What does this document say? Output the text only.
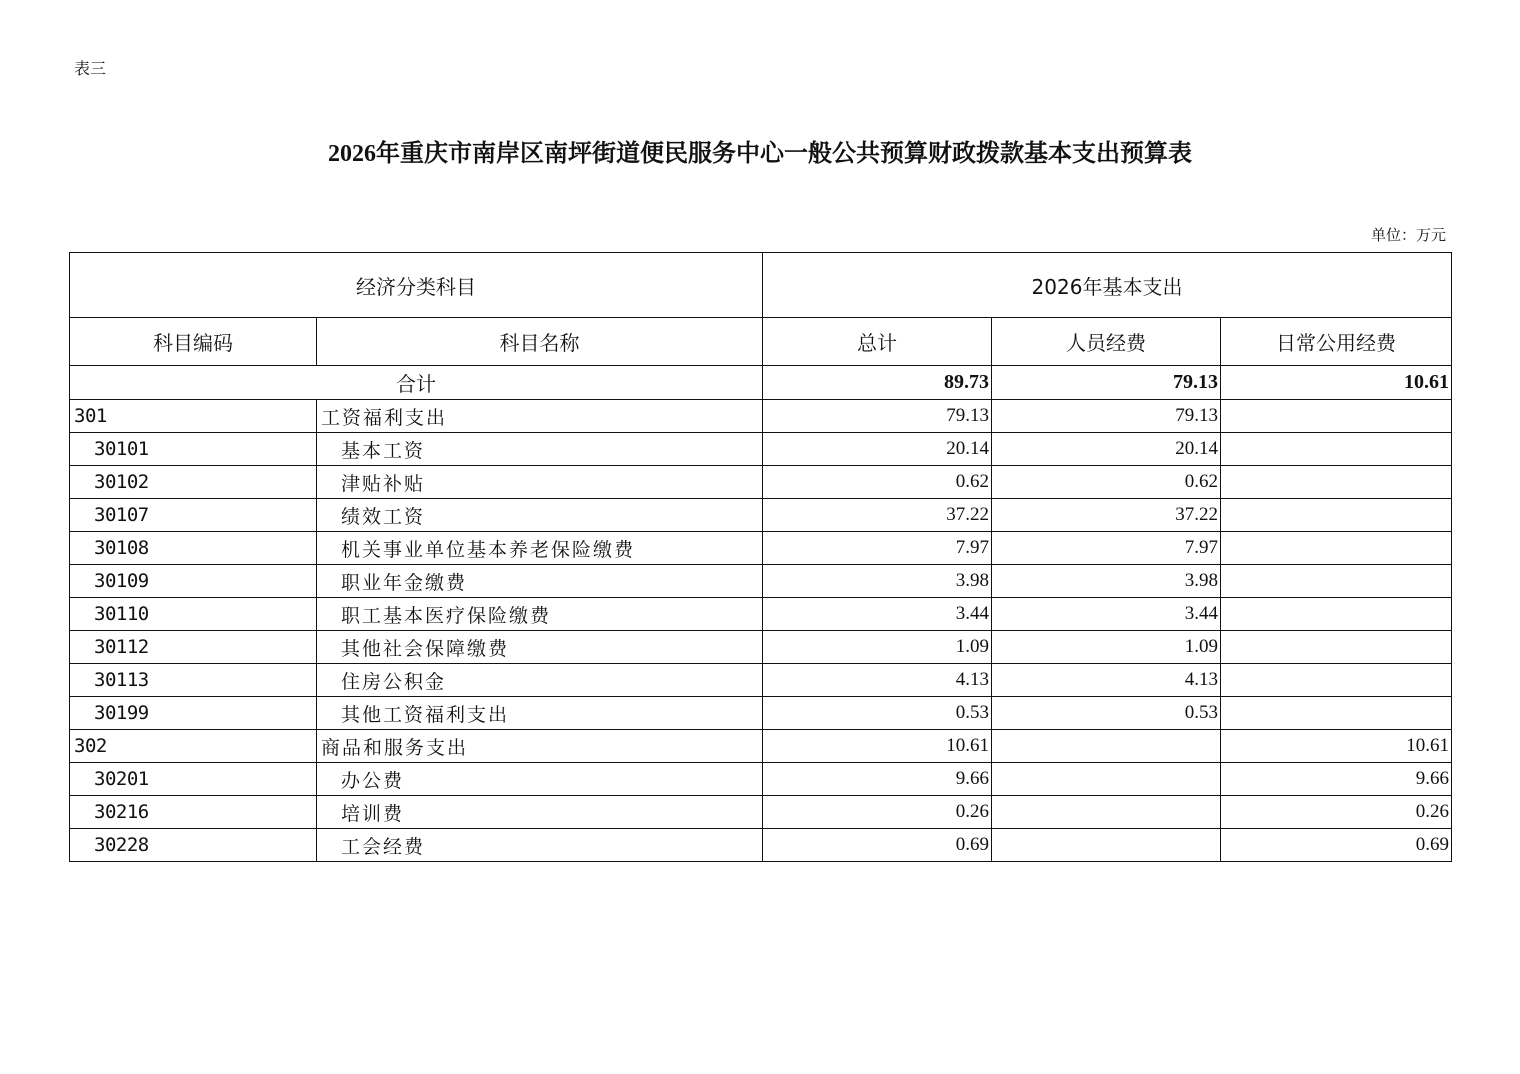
表三
2026年重庆市南岸区南坪街道便民服务中心一般公共预算财政拨款基本支出预算表
单位：万元
经济分类科目		2026年基本支出		
科目编码	科目名称	总计	人员经费	日常公用经费
合计		89.73	79.13	10.61
301	工资福利支出	79.13	79.13	
30101	基本工资	20.14	20.14	
30102	津贴补贴	0.62	0.62	
30107	绩效工资	37.22	37.22	
30108	机关事业单位基本养老保险缴费	7.97	7.97	
30109	职业年金缴费	3.98	3.98	
30110	职工基本医疗保险缴费	3.44	3.44	
30112	其他社会保障缴费	1.09	1.09	
30113	住房公积金	4.13	4.13	
30199	其他工资福利支出	0.53	0.53	
302	商品和服务支出	10.61		10.61
30201	办公费	9.66		9.66
30216	培训费	0.26		0.26
30228	工会经费	0.69		0.69
